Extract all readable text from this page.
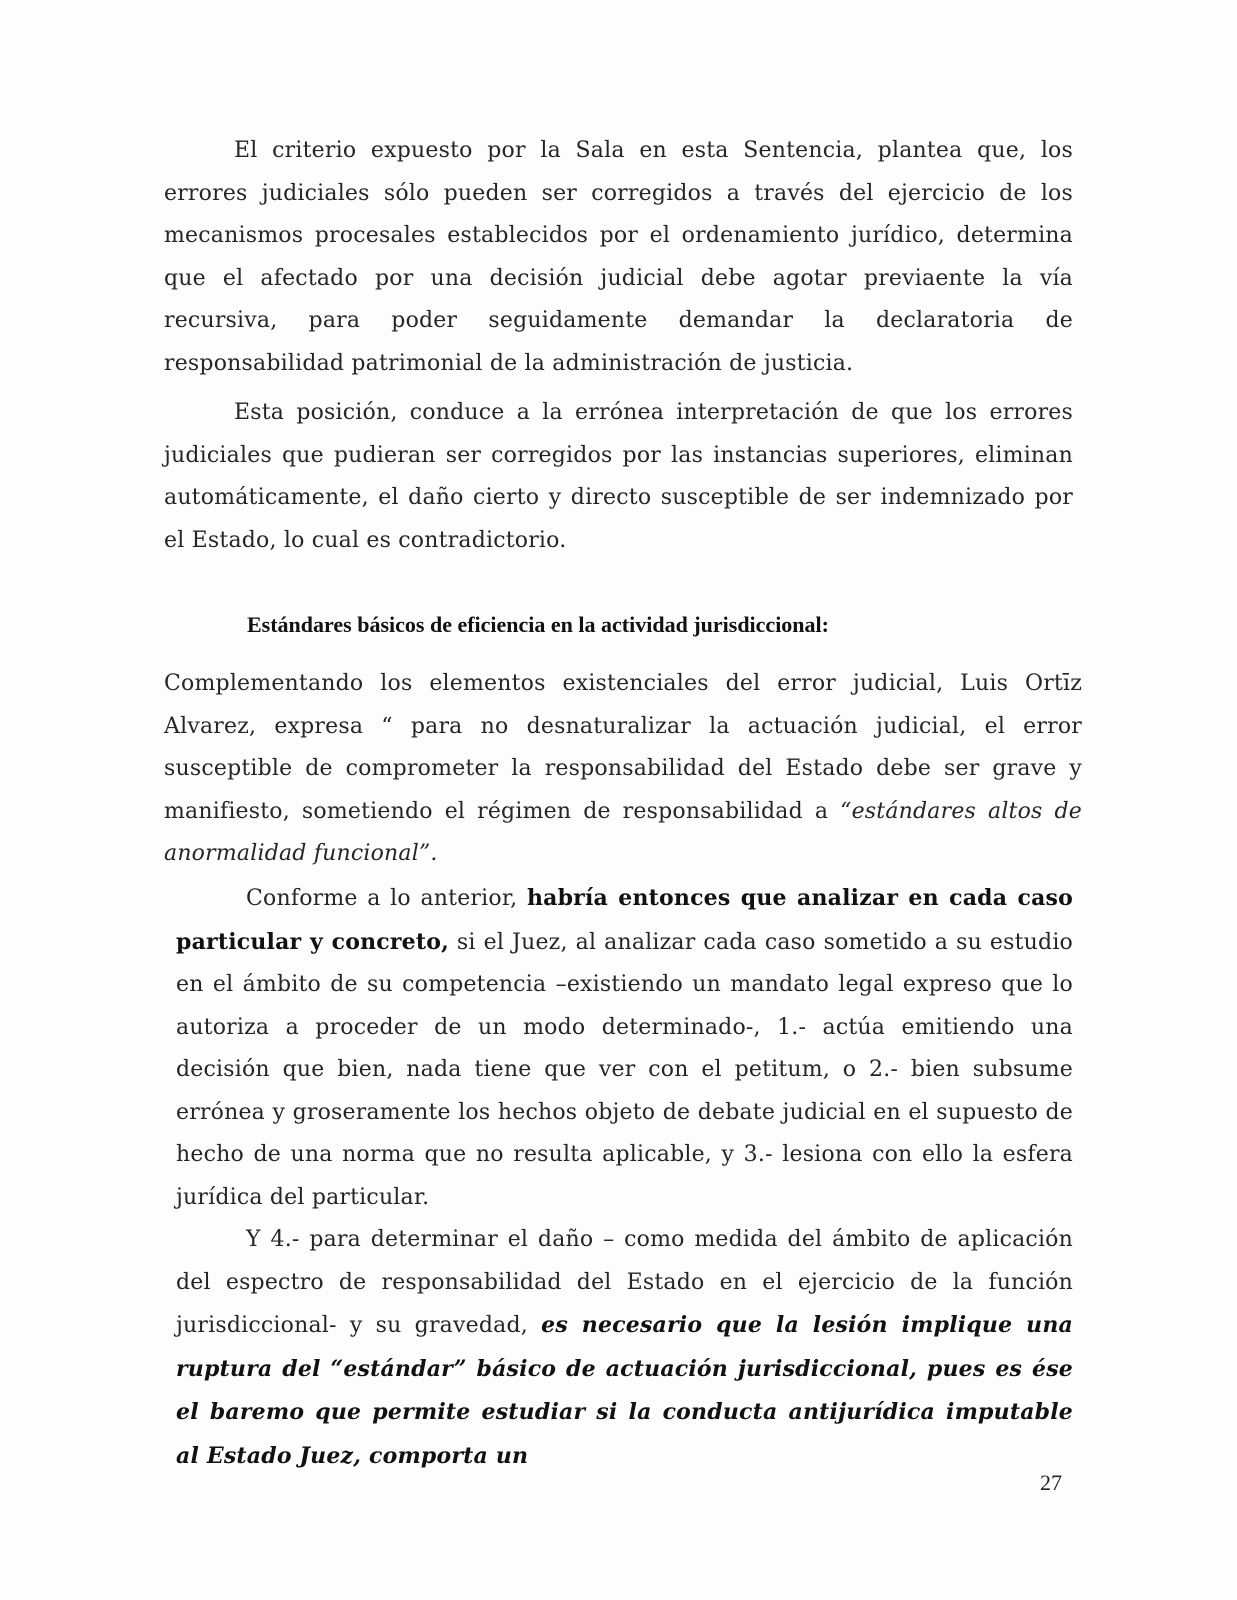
El criterio expuesto por la Sala en esta Sentencia, plantea que, los errores judiciales sólo pueden ser corregidos a través del ejercicio de los mecanismos procesales establecidos por el ordenamiento jurídico, determina que el afectado por una decisión judicial debe agotar previaente la vía recursiva, para poder seguidamente demandar la declaratoria de responsabilidad patrimonial de la administración de justicia.

Esta posición, conduce a la errónea interpretación de que los errores judiciales que pudieran ser corregidos por las instancias superiores, eliminan automáticamente, el daño cierto y directo susceptible de ser indemnizado por el Estado, lo cual es contradictorio.

Estándares básicos de eficiencia en la actividad jurisdiccional:

Complementando los elementos existenciales del error judicial, Luis Ortīz Alvarez, expresa “ para no desnaturalizar la actuación judicial, el error susceptible de comprometer la responsabilidad del Estado debe ser grave y manifiesto, sometiendo el régimen de responsabilidad a “estándares altos de anormalidad funcional”.

Conforme a lo anterior, habría entonces que analizar en cada caso particular y concreto, si el Juez, al analizar cada caso sometido a su estudio en el ámbito de su competencia –existiendo un mandato legal expreso que lo autoriza a proceder de un modo determinado-, 1.- actúa emitiendo una decisión que bien, nada tiene que ver con el petitum, o 2.- bien subsume errónea y groseramente los hechos objeto de debate judicial en el supuesto de hecho de una norma que no resulta aplicable, y 3.- lesiona con ello la esfera jurídica del particular.

Y 4.- para determinar el daño – como medida del ámbito de aplicación del espectro de responsabilidad del Estado en el ejercicio de la función jurisdiccional- y su gravedad, es necesario que la lesión implique una ruptura del “estándar” básico de actuación jurisdiccional, pues es ése el baremo que permite estudiar si la conducta antijurídica imputable al Estado Juez, comporta un

27
